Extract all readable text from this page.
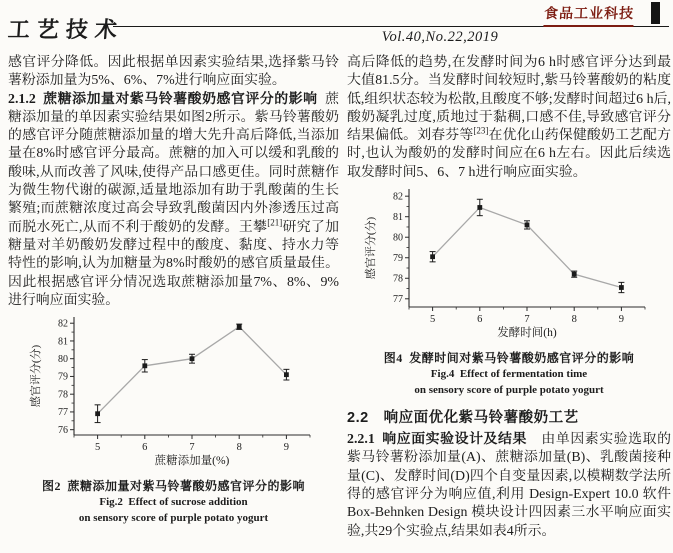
工艺技术
食品工业科技
Vol.40,No.22,2019

感官评分降低。因此根据单因素实验结果,选择紫马铃薯粉添加量为5%、6%、7%进行响应面实验。

2.1.2 蔗糖添加量对紫马铃薯酸奶感官评分的影响 蔗糖添加量的单因素实验结果如图2所示。紫马铃薯酸奶的感官评分随蔗糖添加量的增大先升高后降低,当添加量在8%时感官评分最高。蔗糖的加入可以缓和乳酸的酸味,从而改善了风味,使得产品口感更佳。同时蔗糖作为微生物代谢的碳源,适量地添加有助于乳酸菌的生长繁殖;而蔗糖浓度过高会导致乳酸菌因内外渗透压过高而脱水死亡,从而不利于酸奶的发酵。王攀[21]研究了加糖量对羊奶酸奶发酵过程中的酸度、黏度、持水力等特性的影响,认为加糖量为8%时酸奶的感官质量最佳。因此根据感官评分情况选取蔗糖添加量7%、8%、9%进行响应面实验。

76
77
78
79
80
81
82
5	6	7	8	9
蔗糖添加量(%)
感官评分(分)
图2 蔗糖添加量对紫马铃薯酸奶感官评分的影响
Fig.2 Effect of sucrose addition
on sensory score of purple potato yogurt

高后降低的趋势,在发酵时间为6 h时感官评分达到最大值81.5分。当发酵时间较短时,紫马铃薯酸奶的粘度低,组织状态较为松散,且酸度不够;发酵时间超过6 h后,酸奶凝乳过度,质地过于黏稠,口感不佳,导致感官评分结果偏低。刘春芬等[23]在优化山药保健酸奶工艺配方时,也认为酸奶的发酵时间应在6 h左右。因此后续选取发酵时间5、6、7 h进行响应面实验。

77
78
79
80
81
82
5	6	7	8	9
发酵时间(h)
感官评分(分)
图4 发酵时间对紫马铃薯酸奶感官评分的影响
Fig.4 Effect of fermentation time
on sensory score of purple potato yogurt
2.2 响应面优化紫马铃薯酸奶工艺

2.2.1 响应面实验设计及结果 由单因素实验选取的紫马铃薯粉添加量(A)、蔗糖添加量(B)、乳酸菌接种量(C)、发酵时间(D)四个自变量因素,以模糊数学法所得的感官评分为响应值,利用 Design-Expert 10.0 软件 Box-Behnken Design 模块设计四因素三水平响应面实验,共29个实验点,结果如表4所示。
